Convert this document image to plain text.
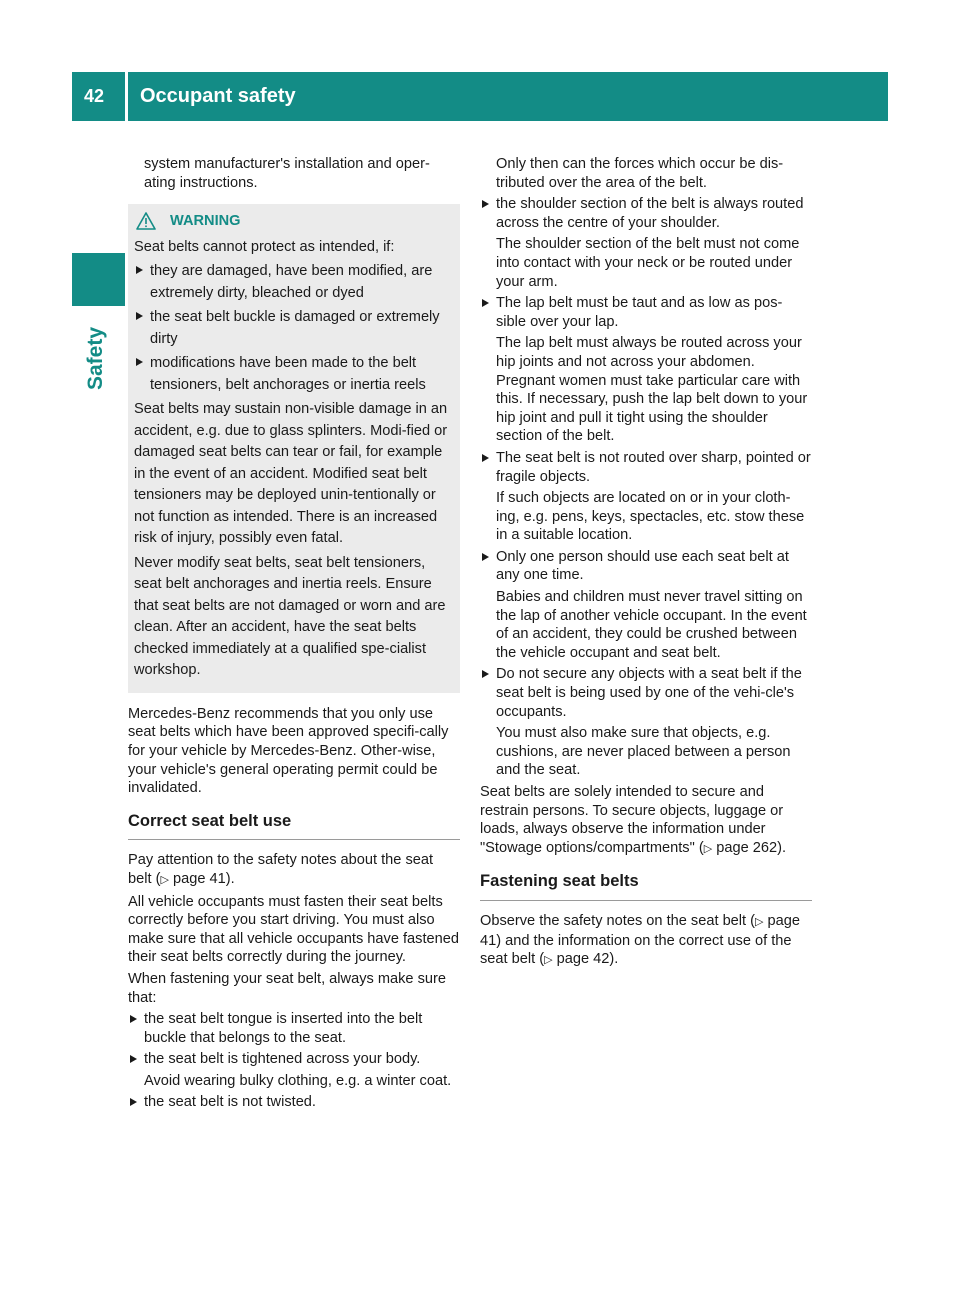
42	Occupant safety
Safety

system manufacturer's installation and oper-ating instructions.

WARNING

Seat belts cannot protect as intended, if:

they are damaged, have been modified, are extremely dirty, bleached or dyed
the seat belt buckle is damaged or extremely dirty
modifications have been made to the belt tensioners, belt anchorages or inertia reels

Seat belts may sustain non-visible damage in an accident, e.g. due to glass splinters. Modi-fied or damaged seat belts can tear or fail, for example in the event of an accident. Modified seat belt tensioners may be deployed unin-tentionally or not function as intended. There is an increased risk of injury, possibly even fatal.

Never modify seat belts, seat belt tensioners, seat belt anchorages and inertia reels. Ensure that seat belts are not damaged or worn and are clean. After an accident, have the seat belts checked immediately at a qualified spe-cialist workshop.

Mercedes-Benz recommends that you only use seat belts which have been approved specifi-cally for your vehicle by Mercedes-Benz. Other-wise, your vehicle's general operating permit could be invalidated.

Correct seat belt use

Pay attention to the safety notes about the seat belt (▷ page 41).

All vehicle occupants must fasten their seat belts correctly before you start driving. You must also make sure that all vehicle occupants have fastened their seat belts correctly during the journey.

When fastening your seat belt, always make sure that:

the seat belt tongue is inserted into the belt buckle that belongs to the seat.
the seat belt is tightened across your body.
Avoid wearing bulky clothing, e.g. a winter coat.
the seat belt is not twisted.

Only then can the forces which occur be dis-tributed over the area of the belt.

the shoulder section of the belt is always routed across the centre of your shoulder.
The shoulder section of the belt must not come into contact with your neck or be routed under your arm.
The lap belt must be taut and as low as pos-sible over your lap.
The lap belt must always be routed across your hip joints and not across your abdomen. Pregnant women must take particular care with this. If necessary, push the lap belt down to your hip joint and pull it tight using the shoulder section of the belt.
The seat belt is not routed over sharp, pointed or fragile objects.
If such objects are located on or in your cloth-ing, e.g. pens, keys, spectacles, etc. stow these in a suitable location.
Only one person should use each seat belt at any one time.
Babies and children must never travel sitting on the lap of another vehicle occupant. In the event of an accident, they could be crushed between the vehicle occupant and seat belt.
Do not secure any objects with a seat belt if the seat belt is being used by one of the vehi-cle's occupants.
You must also make sure that objects, e.g. cushions, are never placed between a person and the seat.

Seat belts are solely intended to secure and restrain persons. To secure objects, luggage or loads, always observe the information under "Stowage options/compartments" (▷ page 262).

Fastening seat belts

Observe the safety notes on the seat belt (▷ page 41) and the information on the correct use of the seat belt (▷ page 42).
